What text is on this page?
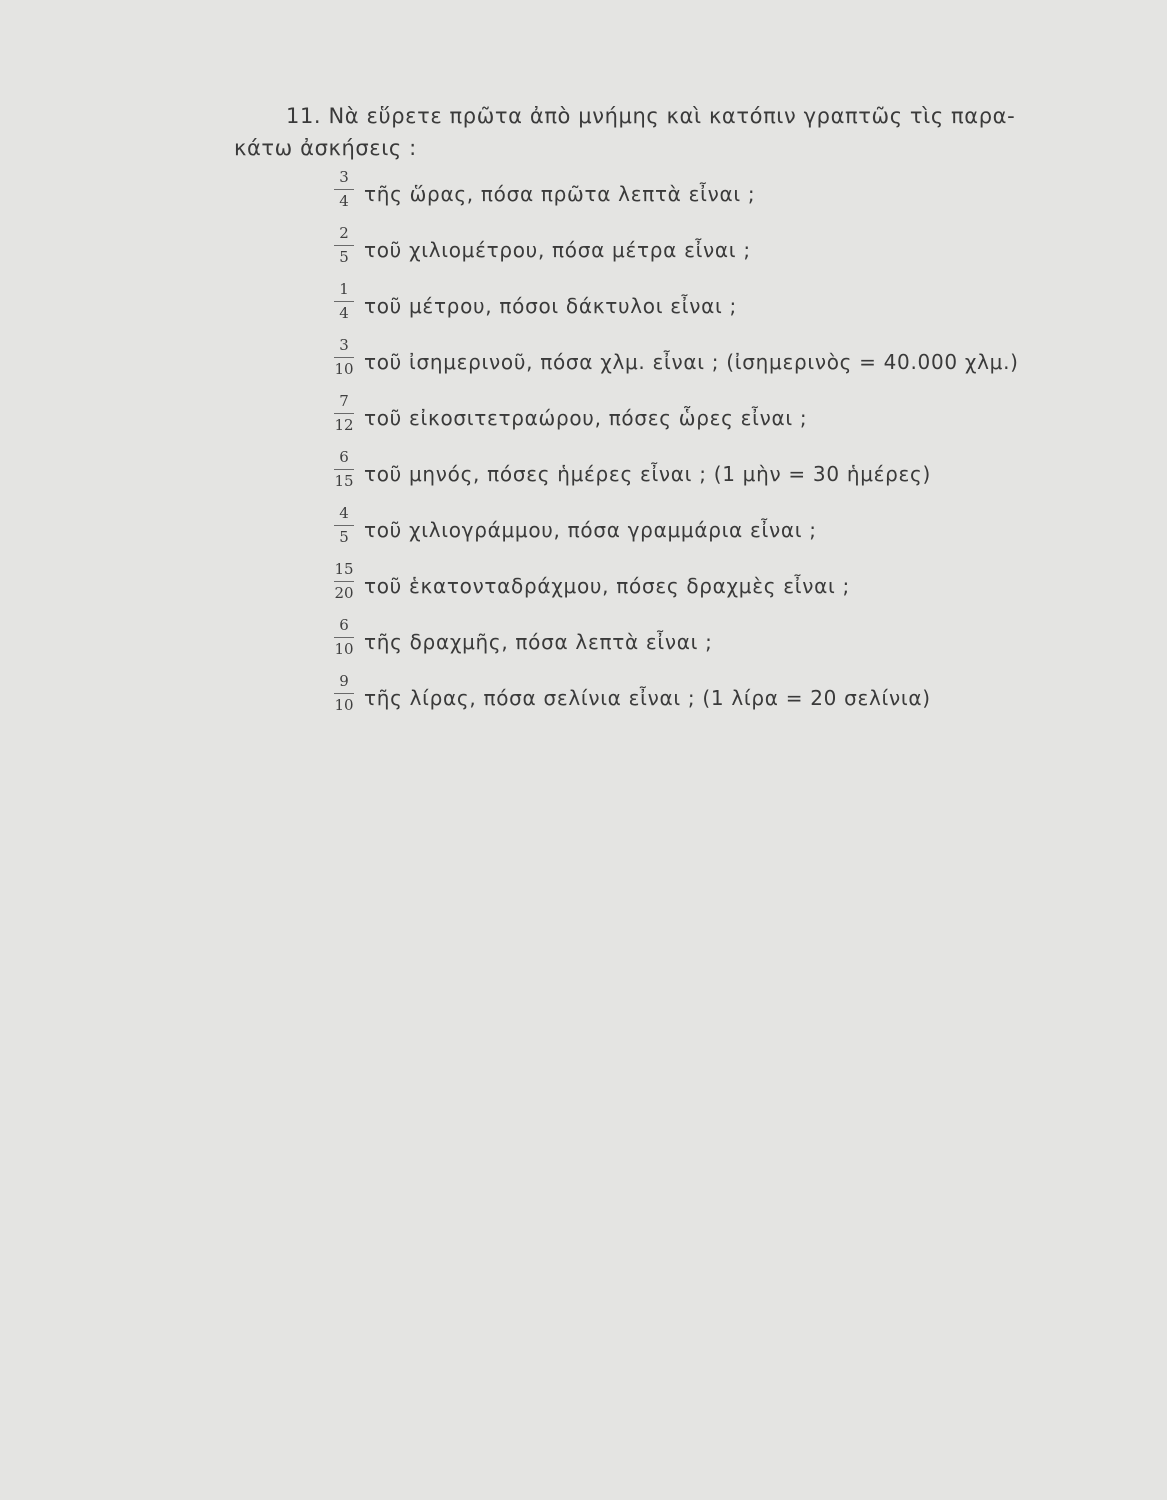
11. Νὰ εὕρετε πρῶτα ἀπὸ μνήμης καὶ κατόπιν γραπτῶς τὶς παρα-
κάτω ἀσκήσεις :
3
4 τῆς ὥρας, πόσα πρῶτα λεπτὰ εἶναι ;
2
5 τοῦ χιλιομέτρου, πόσα μέτρα εἶναι ;
1
4 τοῦ μέτρου, πόσοι δάκτυλοι εἶναι ;
3
10 τοῦ ἰσημερινοῦ, πόσα χλμ. εἶναι ; (ἰσημερινὸς = 40.000 χλμ.)
7
12 τοῦ εἰκοσιτετραώρου, πόσες ὧρες εἶναι ;
6
15 τοῦ μηνός, πόσες ἡμέρες εἶναι ; (1 μὴν = 30 ἡμέρες)
4
5 τοῦ χιλιογράμμου, πόσα γραμμάρια εἶναι ;
15
20 τοῦ ἑκατονταδράχμου, πόσες δραχμὲς εἶναι ;
6
10 τῆς δραχμῆς, πόσα λεπτὰ εἶναι ;
9
10 τῆς λίρας, πόσα σελίνια εἶναι ; (1 λίρα = 20 σελίνια)
